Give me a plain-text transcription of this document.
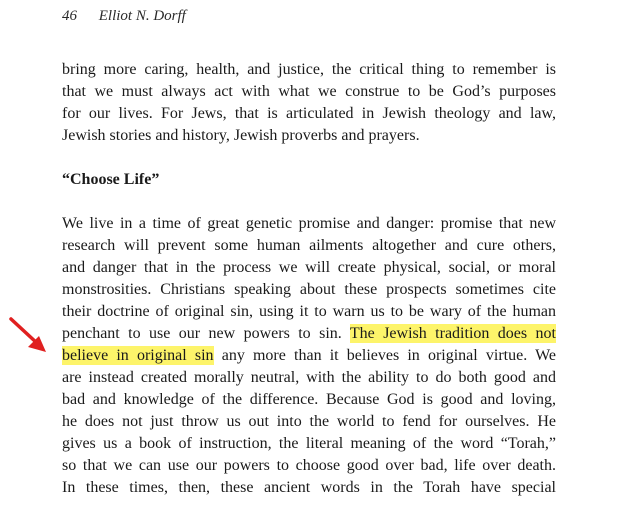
46 Elliot N. Dorff
bring more caring, health, and justice, the critical thing to remember is
that we must always act with what we construe to be God’s purposes
for our lives. For Jews, that is articulated in Jewish theology and law,
Jewish stories and history, Jewish proverbs and prayers.
“Choose Life”
We live in a time of great genetic promise and danger: promise that new
research will prevent some human ailments altogether and cure others,
and danger that in the process we will create physical, social, or moral
monstrosities. Christians speaking about these prospects sometimes cite
their doctrine of original sin, using it to warn us to be wary of the human
penchant to use our new powers to sin. The Jewish tradition does not
believe in original sin any more than it believes in original virtue. We
are instead created morally neutral, with the ability to do both good and
bad and knowledge of the difference. Because God is good and loving,
he does not just throw us out into the world to fend for ourselves. He
gives us a book of instruction, the literal meaning of the word “Torah,”
so that we can use our powers to choose good over bad, life over death.
In these times, then, these ancient words in the Torah have special
